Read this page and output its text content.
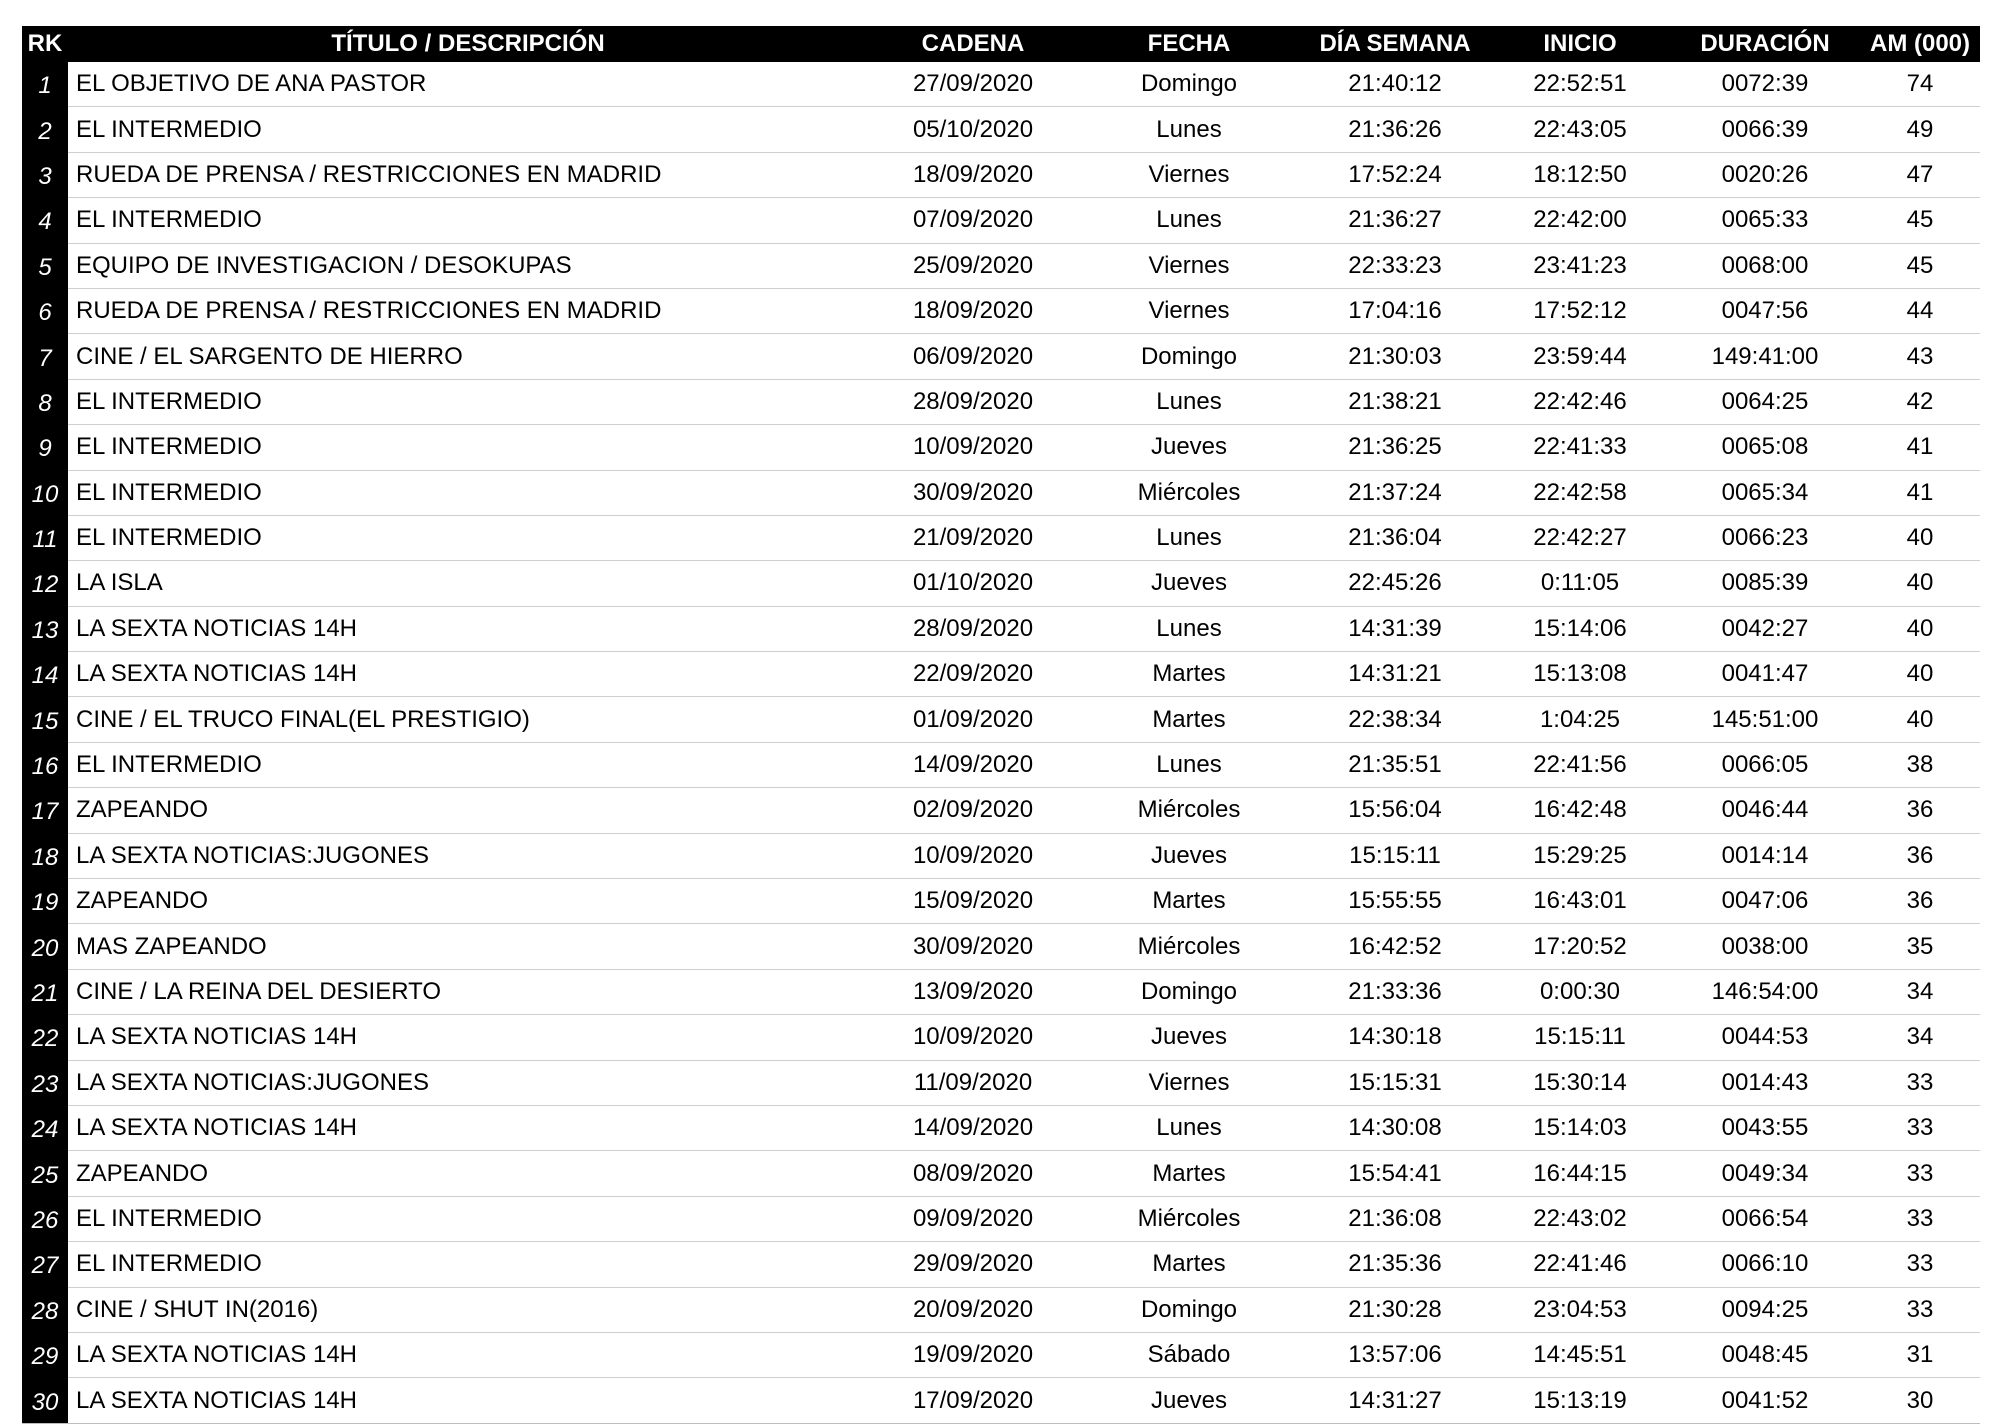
RK	TÍTULO / DESCRIPCIÓN	CADENA	FECHA	DÍA SEMANA	INICIO	DURACIÓN	AM (000)
1	EL OBJETIVO DE ANA PASTOR	27/09/2020	Domingo	21:40:12	22:52:51	0072:39	74
2	EL INTERMEDIO	05/10/2020	Lunes	21:36:26	22:43:05	0066:39	49
3	RUEDA DE PRENSA / RESTRICCIONES EN MADRID	18/09/2020	Viernes	17:52:24	18:12:50	0020:26	47
4	EL INTERMEDIO	07/09/2020	Lunes	21:36:27	22:42:00	0065:33	45
5	EQUIPO DE INVESTIGACION / DESOKUPAS	25/09/2020	Viernes	22:33:23	23:41:23	0068:00	45
6	RUEDA DE PRENSA / RESTRICCIONES EN MADRID	18/09/2020	Viernes	17:04:16	17:52:12	0047:56	44
7	CINE / EL SARGENTO DE HIERRO	06/09/2020	Domingo	21:30:03	23:59:44	149:41:00	43
8	EL INTERMEDIO	28/09/2020	Lunes	21:38:21	22:42:46	0064:25	42
9	EL INTERMEDIO	10/09/2020	Jueves	21:36:25	22:41:33	0065:08	41
10	EL INTERMEDIO	30/09/2020	Miércoles	21:37:24	22:42:58	0065:34	41
11	EL INTERMEDIO	21/09/2020	Lunes	21:36:04	22:42:27	0066:23	40
12	LA ISLA	01/10/2020	Jueves	22:45:26	0:11:05	0085:39	40
13	LA SEXTA NOTICIAS 14H	28/09/2020	Lunes	14:31:39	15:14:06	0042:27	40
14	LA SEXTA NOTICIAS 14H	22/09/2020	Martes	14:31:21	15:13:08	0041:47	40
15	CINE / EL TRUCO FINAL(EL PRESTIGIO)	01/09/2020	Martes	22:38:34	1:04:25	145:51:00	40
16	EL INTERMEDIO	14/09/2020	Lunes	21:35:51	22:41:56	0066:05	38
17	ZAPEANDO	02/09/2020	Miércoles	15:56:04	16:42:48	0046:44	36
18	LA SEXTA NOTICIAS:JUGONES	10/09/2020	Jueves	15:15:11	15:29:25	0014:14	36
19	ZAPEANDO	15/09/2020	Martes	15:55:55	16:43:01	0047:06	36
20	MAS ZAPEANDO	30/09/2020	Miércoles	16:42:52	17:20:52	0038:00	35
21	CINE / LA REINA DEL DESIERTO	13/09/2020	Domingo	21:33:36	0:00:30	146:54:00	34
22	LA SEXTA NOTICIAS 14H	10/09/2020	Jueves	14:30:18	15:15:11	0044:53	34
23	LA SEXTA NOTICIAS:JUGONES	11/09/2020	Viernes	15:15:31	15:30:14	0014:43	33
24	LA SEXTA NOTICIAS 14H	14/09/2020	Lunes	14:30:08	15:14:03	0043:55	33
25	ZAPEANDO	08/09/2020	Martes	15:54:41	16:44:15	0049:34	33
26	EL INTERMEDIO	09/09/2020	Miércoles	21:36:08	22:43:02	0066:54	33
27	EL INTERMEDIO	29/09/2020	Martes	21:35:36	22:41:46	0066:10	33
28	CINE / SHUT IN(2016)	20/09/2020	Domingo	21:30:28	23:04:53	0094:25	33
29	LA SEXTA NOTICIAS 14H	19/09/2020	Sábado	13:57:06	14:45:51	0048:45	31
30	LA SEXTA NOTICIAS 14H	17/09/2020	Jueves	14:31:27	15:13:19	0041:52	30
